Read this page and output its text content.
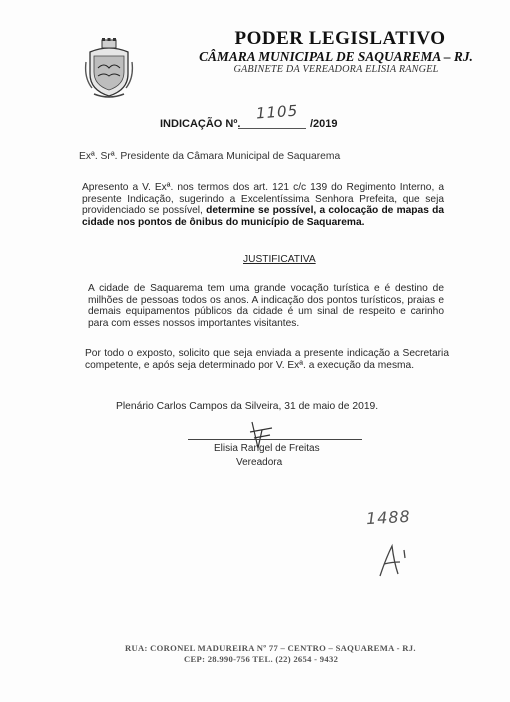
PODER LEGISLATIVO
CÂMARA MUNICIPAL DE SAQUAREMA – RJ.
GABINETE DA VEREADORA ELISIA RANGEL
INDICAÇÃO Nº.
1105
/2019
Exª. Srª. Presidente da Câmara Municipal de Saquarema
Apresento a V. Exª. nos termos dos art. 121 c/c 139 do Regimento Interno, a presente Indicação, sugerindo a Excelentíssima Senhora Prefeita, que seja providenciado se possível, determine se possível, a colocação de mapas da cidade nos pontos de ônibus do município de Saquarema.
JUSTIFICATIVA
A cidade de Saquarema tem uma grande vocação turística e é destino de milhões de pessoas todos os anos. A indicação dos pontos turísticos, praias e demais equipamentos públicos da cidade é um sinal de respeito e carinho para com esses nossos importantes visitantes.
Por todo o exposto, solicito que seja enviada a presente indicação a Secretaria competente, e após seja determinado por V. Exª. a execução da mesma.
Plenário Carlos Campos da Silveira, 31 de maio de 2019.
Elisia Rangel de Freitas
Vereadora
1488
RUA: CORONEL MADUREIRA Nº 77 – CENTRO – SAQUAREMA - RJ.
CEP: 28.990-756 TEL. (22) 2654 - 9432
